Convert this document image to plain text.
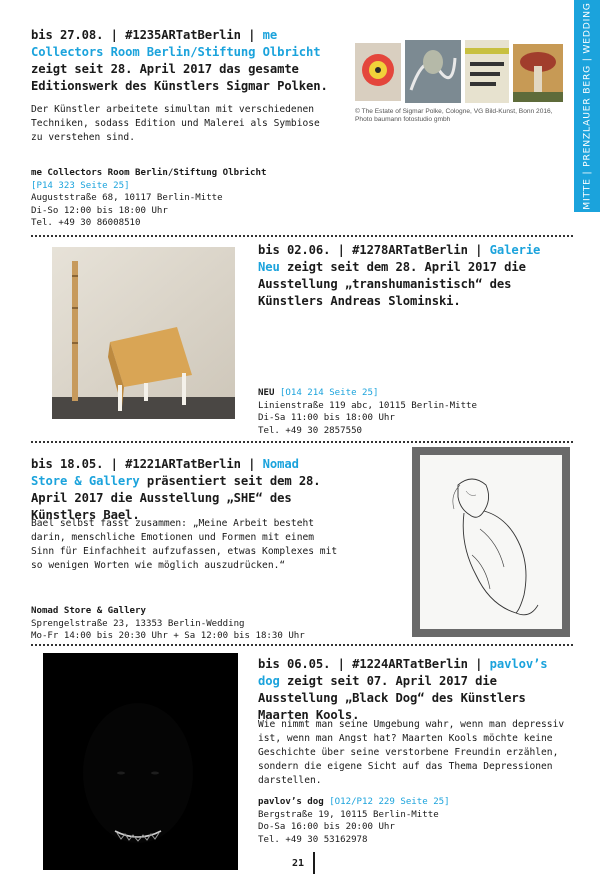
MITTE | PRENZLAUER BERG | WEDDING
bis 27.08. | #1235ARTatBerlin | me Collectors Room Berlin/Stiftung Olbricht zeigt seit 28. April 2017 das gesamte Editionswerk des Künstlers Sigmar Polken.
Der Künstler arbeitete simultan mit verschiedenen Techniken, sodass Edition und Malerei als Symbiose zu verstehen sind.
me Collectors Room Berlin/Stiftung Olbricht
[P14 323 Seite 25]
Auguststraße 68, 10117 Berlin-Mitte
Di-So 12:00 bis 18:00 Uhr
Tel. +49 30 86008510
© The Estate of Sigmar Polke, Cologne, VG Bild-Kunst, Bonn 2016, Photo baumann fotostudio gmbh
bis 02.06. | #1278ARTatBerlin | Galerie Neu zeigt seit dem 28. April 2017 die Ausstellung „transhumanistisch“ des Künstlers Andreas Slominski.
NEU [O14 214 Seite 25]
Linienstraße 119 abc, 10115 Berlin-Mitte
Di-Sa 11:00 bis 18:00 Uhr
Tel. +49 30 2857550
bis 18.05. | #1221ARTatBerlin | Nomad Store & Gallery präsentiert seit dem 28. April 2017 die Ausstellung „SHE“ des Künstlers Bael.
Bael selbst fasst zusammen: „Meine Arbeit besteht darin, menschliche Emotionen und Formen mit einem Sinn für Einfachheit aufzufassen, etwas Komplexes mit so wenigen Worten wie möglich auszudrücken.“
Nomad Store & Gallery
Sprengelstraße 23, 13353 Berlin-Wedding
Mo-Fr 14:00 bis 20:30 Uhr + Sa 12:00 bis 18:30 Uhr
bis 06.05. | #1224ARTatBerlin | pavlov’s dog zeigt seit 07. April 2017 die Ausstellung „Black Dog“ des Künstlers Maarten Kools.
Wie nimmt man seine Umgebung wahr, wenn man depressiv ist, wenn man Angst hat? Maarten Kools möchte keine Geschichte über seine verstorbene Freundin erzählen, sondern die eigene Sicht auf das Thema Depressionen darstellen.
pavlov’s dog [O12/P12 229 Seite 25]
Bergstraße 19, 10115 Berlin-Mitte
Do-Sa 16:00 bis 20:00 Uhr
Tel. +49 30 53162978
21
